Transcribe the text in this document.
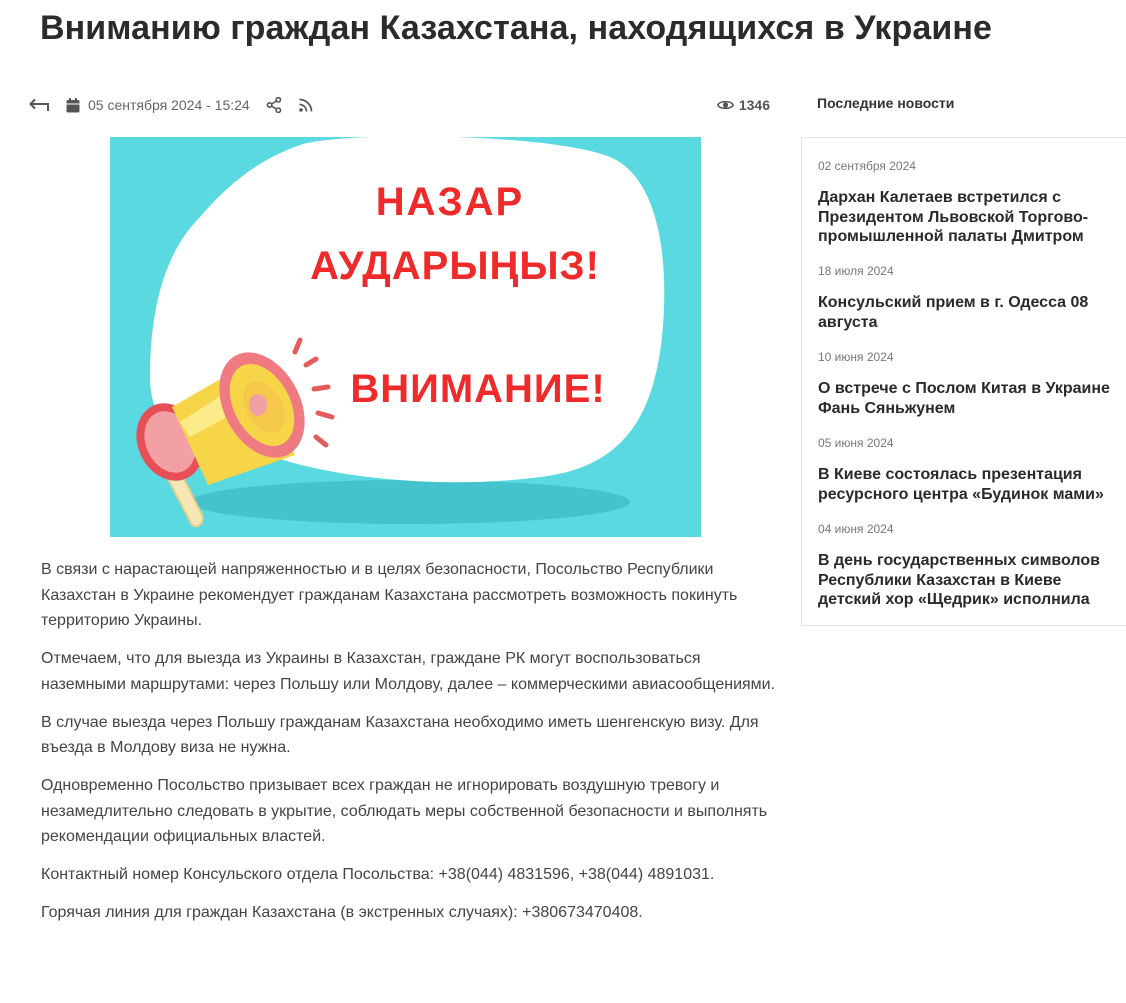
Вниманию граждан Казахстана, находящихся в Украине
05 сентября 2024 - 15:24	1346
НАЗАР
АУДАРЫҢЫЗ!
ВНИМАНИЕ!

В связи с нарастающей напряженностью и в целях безопасности, Посольство Республики Казахстан в Украине рекомендует гражданам Казахстана рассмотреть возможность покинуть территорию Украины.

Отмечаем, что для выезда из Украины в Казахстан, граждане РК могут воспользоваться наземными маршрутами: через Польшу или Молдову, далее – коммерческими авиасообщениями.

В случае выезда через Польшу гражданам Казахстана необходимо иметь шенгенскую визу. Для въезда в Молдову виза не нужна.

Одновременно Посольство призывает всех граждан не игнорировать воздушную тревогу и незамедлительно следовать в укрытие, соблюдать меры собственной безопасности и выполнять рекомендации официальных властей.

Контактный номер Консульского отдела Посольства: +38(044) 4831596, +38(044) 4891031.

Горячая линия для граждан Казахстана (в экстренных случаях): +380673470408.

Последние новости
02 сентября 2024
Дархан Калетаев встретился с Президентом Львовской Торгово-промышленной палаты Дмитром
18 июля 2024
Консульский прием в г. Одесса 08 августа
10 июня 2024
О встрече с Послом Китая в Украине Фань Сяньжунем
05 июня 2024
В Киеве состоялась презентация ресурсного центра «Будинок мами»
04 июня 2024
В день государственных символов Республики Казахстан в Киеве детский хор «Щедрик» исполнила
